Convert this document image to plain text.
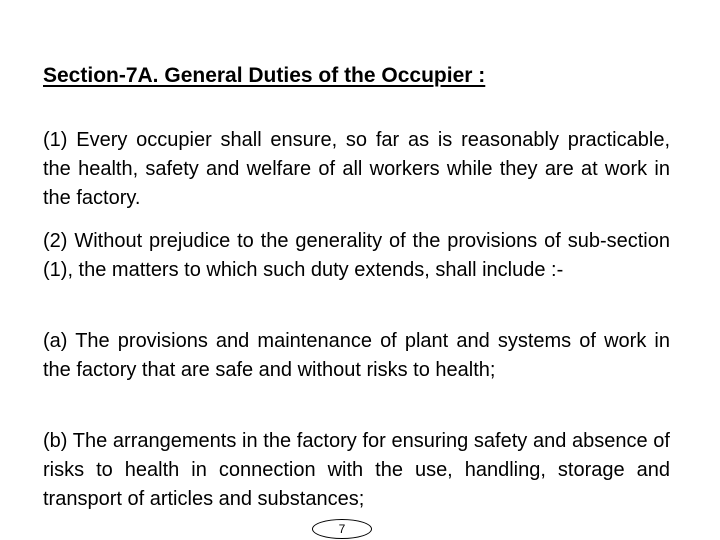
Section-7A. General Duties of the Occupier :

(1) Every occupier shall ensure, so far as is reasonably practicable, the health, safety and welfare of all workers while they are at work in the factory.

(2) Without prejudice to the generality of the provisions of sub-section (1), the matters to which such duty extends, shall include :-

(a) The provisions and maintenance of plant and systems of work in the factory that are safe and without risks to health;

(b) The arrangements in the factory for ensuring safety and absence of risks to health in connection with the use, handling, storage and transport of articles and substances;

7
